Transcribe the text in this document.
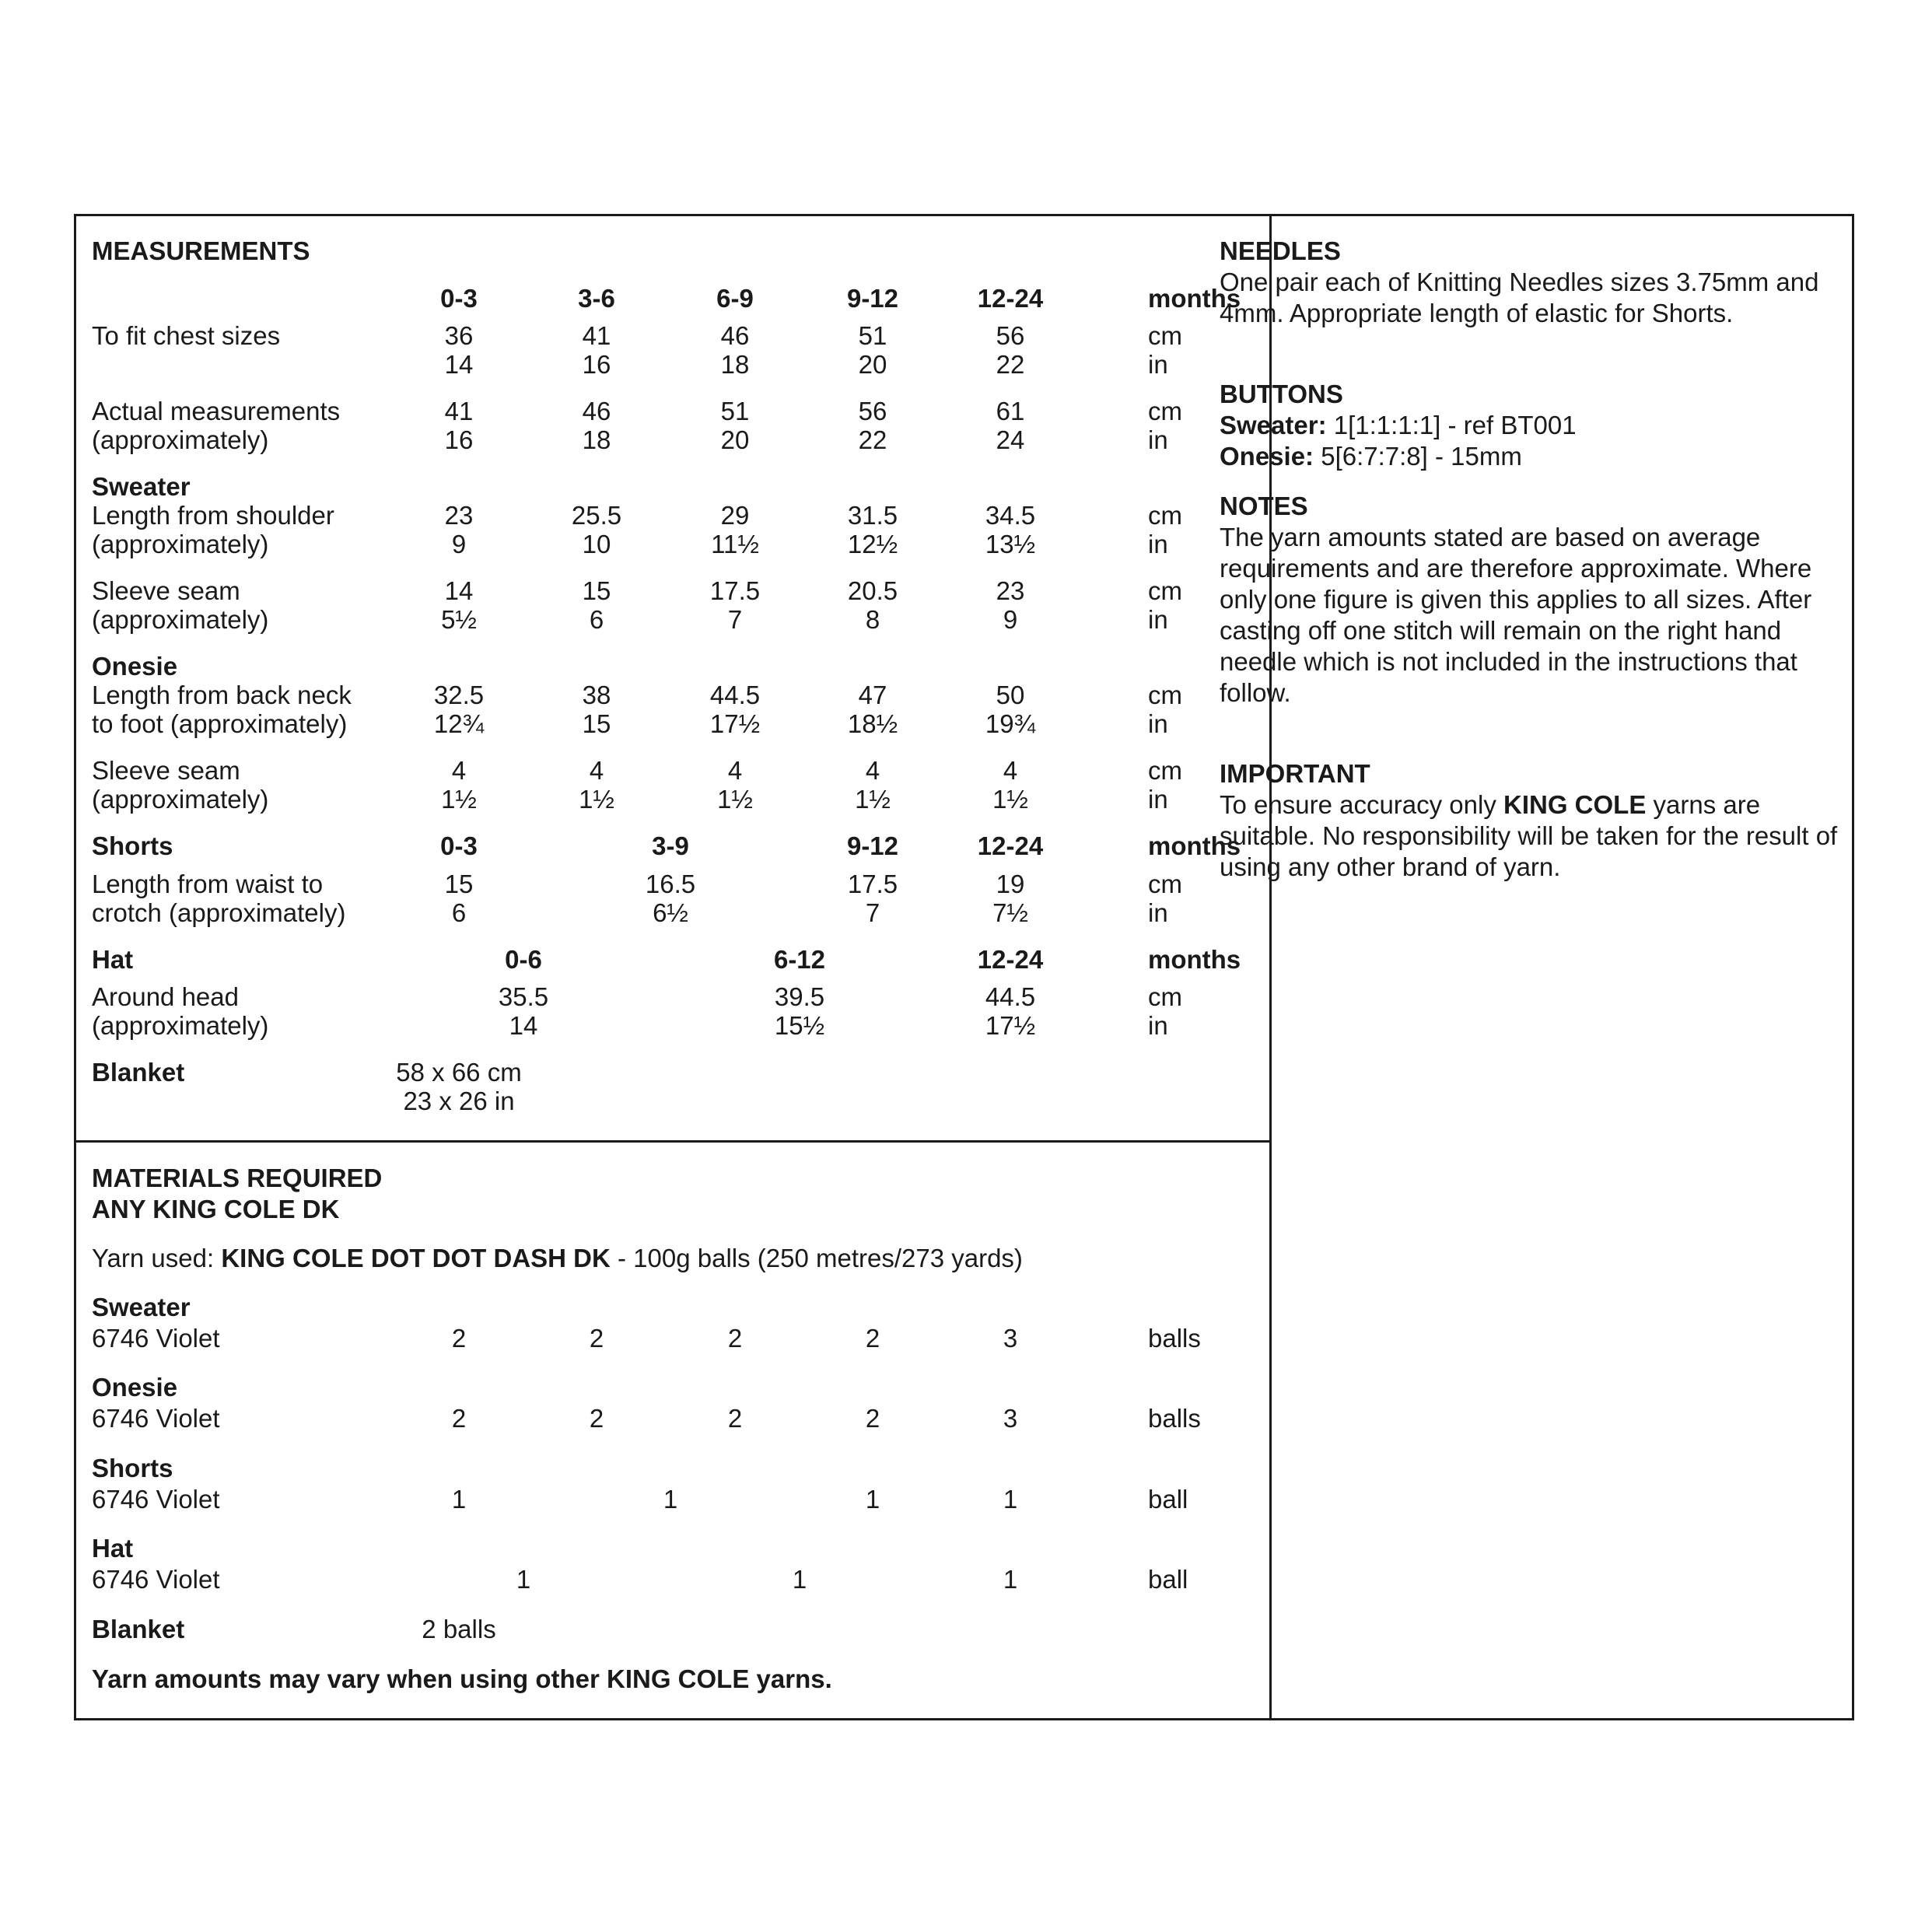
MEASUREMENTS
0-3	3-6	6-9	9-12	12-24	months
To fit chest sizes	36	41	46	51	56	cm
14	16	18	20	22	in
Actual measurements
(approximately)
41	46	51	56	61	cm
16	18	20	22	24	in
Sweater
Length from shoulder
(approximately)
23	25.5	29	31.5	34.5	cm
9	10	11½	12½	13½	in
Sleeve seam
(approximately)
14	15	17.5	20.5	23	cm
5½	6	7	8	9	in
Onesie
Length from back neck
to foot (approximately)
32.5	38	44.5	47	50	cm
12¾	15	17½	18½	19¾	in
Sleeve seam
(approximately)
4	4	4	4	4	cm
1½	1½	1½	1½	1½	in
Shorts	0-3	3-9	9-12	12-24	months
Length from waist to
crotch (approximately)
15	16.5	17.5	19	cm
6	6½	7	7½	in
Hat	0-6	6-12	12-24	months
Around head
(approximately)
35.5	39.5	44.5	cm
14	15½	17½	in
Blanket	58 x 66 cm
23 x 26 in
MATERIALS REQUIRED
ANY KING COLE DK
Yarn used: KING COLE DOT DOT DASH DK - 100g balls (250 metres/273 yards)
Sweater
6746 Violet	2	2	2	2	3	balls
Onesie
6746 Violet	2	2	2	2	3	balls
Shorts
6746 Violet	1	1	1	1	ball
Hat
6746 Violet	1	1	1	ball
Blanket	2 balls
Yarn amounts may vary when using other KING COLE yarns.
NEEDLES

One pair each of Knitting Needles sizes 3.75mm and 4mm. Appropriate length of elastic for Shorts.

BUTTONS

Sweater: 1[1:1:1:1] - ref BT001

Onesie: 5[6:7:7:8] - 15mm

NOTES

The yarn amounts stated are based on average requirements and are therefore approximate. Where only one figure is given this applies to all sizes. After casting off one stitch will remain on the right hand needle which is not included in the instructions that follow.

IMPORTANT

To ensure accuracy only KING COLE yarns are suitable. No responsibility will be taken for the result of using any other brand of yarn.
